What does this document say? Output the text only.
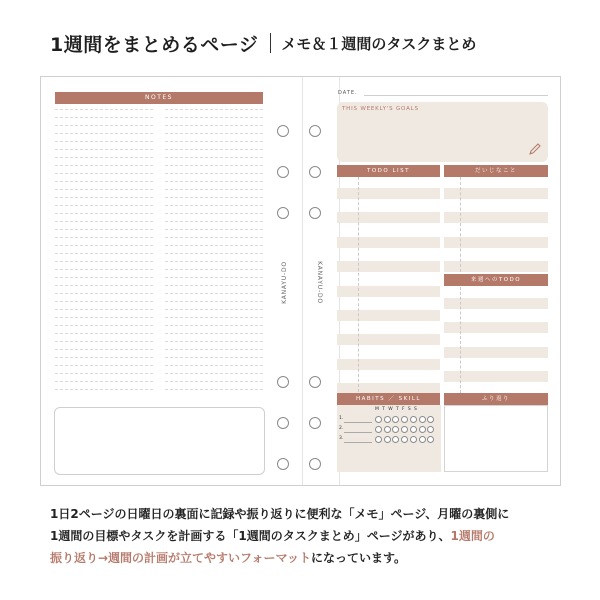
1週間をまとめるページ メモ＆１週間のタスクまとめ
NOTES
KANAYU-DO	KANAYU-DO
DATE.
THIS WEEKLY'S GOALS
TODO LIST	だいじなこと
来週へのTODO
HABITS ／ SKILL
MTWTFSS
1.
2.
3.
ふり返り
1日2ページの日曜日の裏面に記録や振り返りに便利な「メモ」ページ、月曜の裏側に
1週間の目標やタスクを計画する「1週間のタスクまとめ」ページがあり、1週間の
振り返り→週間の計画が立てやすいフォーマットになっています。
